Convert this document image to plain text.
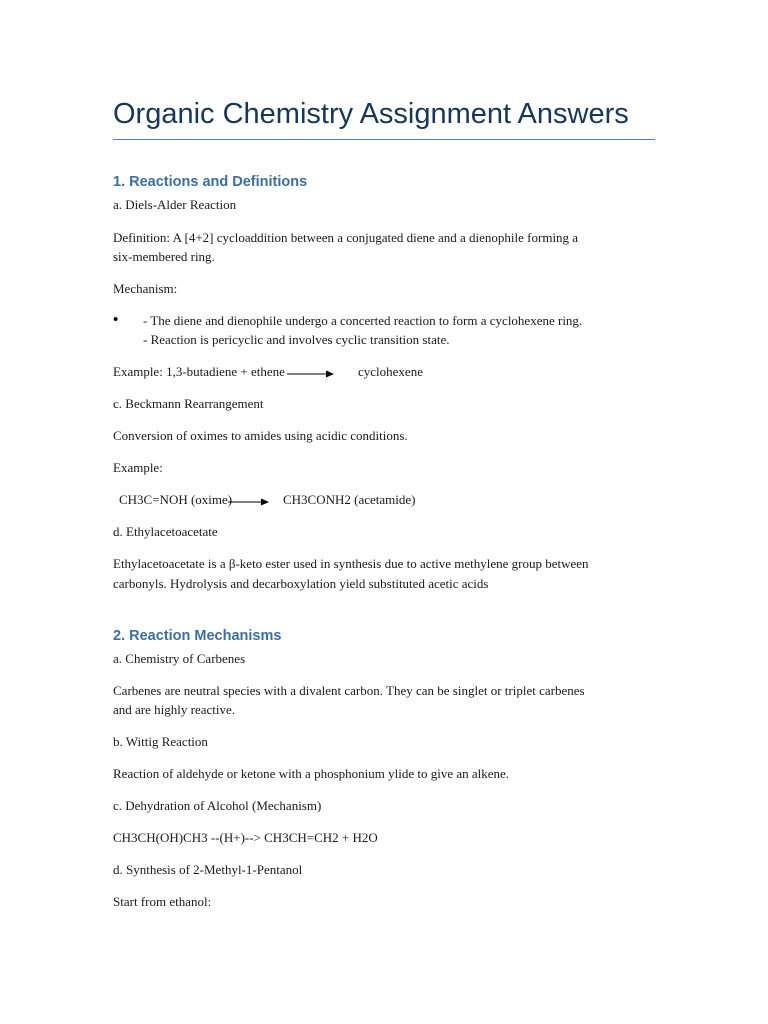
Organic Chemistry Assignment Answers
1. Reactions and Definitions
a. Diels-Alder Reaction
Definition: A [4+2] cycloaddition between a conjugated diene and a dienophile forming a
six-membered ring.
Mechanism:
• - The diene and dienophile undergo a concerted reaction to form a cyclohexene ring.
- Reaction is pericyclic and involves cyclic transition state.
Example: 1,3-butadiene + ethene → cyclohexene
c. Beckmann Rearrangement
Conversion of oximes to amides using acidic conditions.
Example:
CH3C=NOH (oxime) → CH3CONH2 (acetamide)
d. Ethylacetoacetate
Ethylacetoacetate is a β-keto ester used in synthesis due to active methylene group between
carbonyls. Hydrolysis and decarboxylation yield substituted acetic acids
2. Reaction Mechanisms
a. Chemistry of Carbenes
Carbenes are neutral species with a divalent carbon. They can be singlet or triplet carbenes
and are highly reactive.
b. Wittig Reaction
Reaction of aldehyde or ketone with a phosphonium ylide to give an alkene.
c. Dehydration of Alcohol (Mechanism)
CH3CH(OH)CH3 --(H+)--> CH3CH=CH2 + H2O
d. Synthesis of 2-Methyl-1-Pentanol
Start from ethanol:
